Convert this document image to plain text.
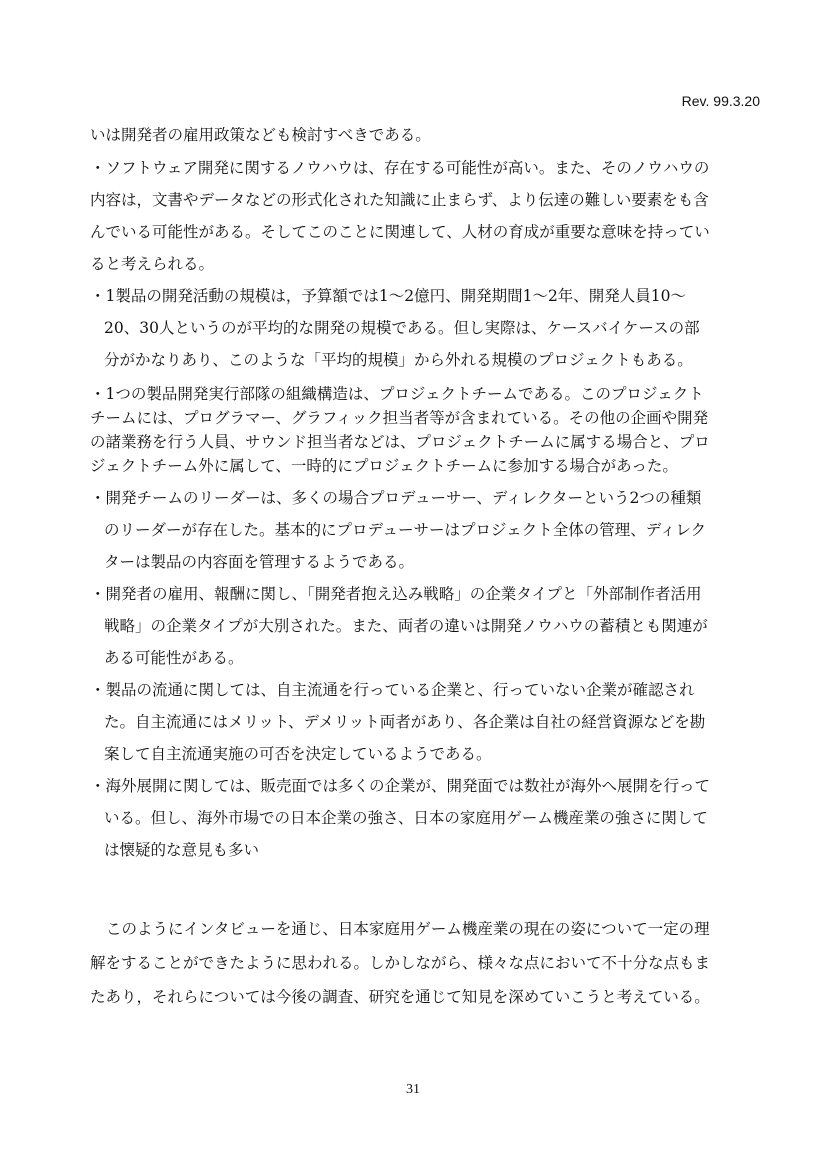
Rev. 99.3.20
いは開発者の雇用政策なども検討すべきである。
・ソフトウェア開発に関するノウハウは、存在する可能性が高い。また、そのノウハウの
内容は，文書やデータなどの形式化された知識に止まらず、より伝達の難しい要素をも含
んでいる可能性がある。そしてこのことに関連して、人材の育成が重要な意味を持ってい
ると考えられる。
・1製品の開発活動の規模は，予算額では1～2億円、開発期間1～2年、開発人員10～
20、30人というのが平均的な開発の規模である。但し実際は、ケースバイケースの部
分がかなりあり、このような「平均的規模」から外れる規模のプロジェクトもある。
・1つの製品開発実行部隊の組織構造は、プロジェクトチームである。このプロジェクト
チームには、プログラマー、グラフィック担当者等が含まれている。その他の企画や開発
の諸業務を行う人員、サウンド担当者などは、プロジェクトチームに属する場合と、プロ
ジェクトチーム外に属して、一時的にプロジェクトチームに参加する場合があった。
・開発チームのリーダーは、多くの場合プロデューサー、ディレクターという2つの種類
のリーダーが存在した。基本的にプロデューサーはプロジェクト全体の管理、ディレク
ターは製品の内容面を管理するようである。
・開発者の雇用、報酬に関し、「開発者抱え込み戦略」の企業タイプと「外部制作者活用
戦略」の企業タイプが大別された。また、両者の違いは開発ノウハウの蓄積とも関連が
ある可能性がある。
・製品の流通に関しては、自主流通を行っている企業と、行っていない企業が確認され
た。自主流通にはメリット、デメリット両者があり、各企業は自社の経営資源などを勘
案して自主流通実施の可否を決定しているようである。
・海外展開に関しては、販売面では多くの企業が、開発面では数社が海外へ展開を行って
いる。但し、海外市場での日本企業の強さ、日本の家庭用ゲーム機産業の強さに関して
は懐疑的な意見も多い
このようにインタビューを通じ、日本家庭用ゲーム機産業の現在の姿について一定の理
解をすることができたように思われる。しかしながら、様々な点において不十分な点もま
たあり，それらについては今後の調査、研究を通じて知見を深めていこうと考えている。
31
